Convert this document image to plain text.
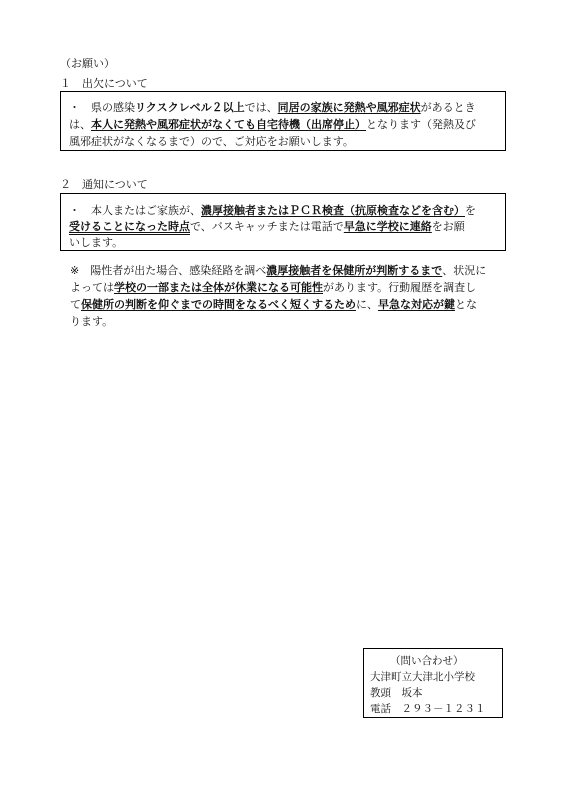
（お願い）
１　出欠について
・　県の感染リクスクレベル２以上では、同居の家族に発熱や風邪症状があるとき
は、本人に発熱や風邪症状がなくても自宅待機（出席停止）となります（発熱及び
風邪症状がなくなるまで）ので、ご対応をお願いします。
２　通知について
・　本人またはご家族が、濃厚接触者またはＰＣＲ検査（抗原検査などを含む）を
受けることになった時点で、バスキャッチまたは電話で早急に学校に連絡をお願
いします。
※　陽性者が出た場合、感染経路を調べ濃厚接触者を保健所が判断するまで、状況に
よっては学校の一部または全体が休業になる可能性があります。行動履歴を調査し
て保健所の判断を仰ぐまでの時間をなるべく短くするために、早急な対応が鍵とな
ります。
（問い合わせ）
大津町立大津北小学校
教頭　坂本
電話　２９３－１２３１
